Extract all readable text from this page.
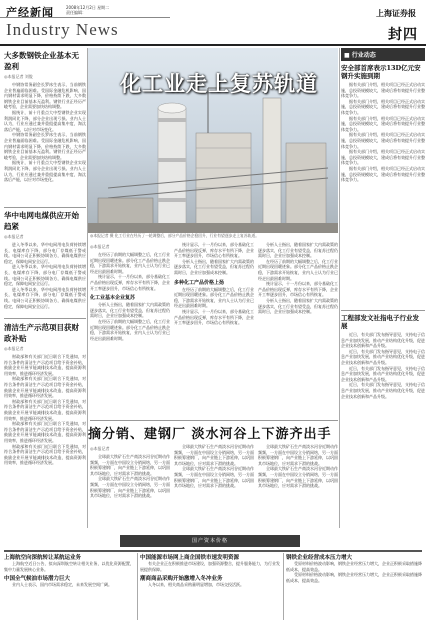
产经新闻	2008年12月2日 星期二
责任编辑：
Industry News
上海证券报
封四
大多数钢铁企业基本无盈利
◎本报记者 刘俊

中钢协常务副会长罗冰生表示，当前钢铁企业普遍面临困难。受国际金融危机影响，国内钢材需求明显下降，价格持续下跌，大多数钢铁企业目前基本无盈利。钢铁行业正经历严峻考验，企业需要加快结构调整。

据统计，前十月重点大中型钢铁企业实现利润同比下降，部分企业出现亏损。业内人士认为，行业应通过兼并重组提高集中度，淘汰落后产能，以应对市场变化。

中钢协常务副会长罗冰生表示，当前钢铁企业普遍面临困难。受国际金融危机影响，国内钢材需求明显下降，价格持续下跌，大多数钢铁企业目前基本无盈利。钢铁行业正经历严峻考验，企业需要加快结构调整。

据统计，前十月重点大中型钢铁企业实现利润同比下降，部分企业出现亏损。业内人士认为，行业应通过兼并重组提高集中度，淘汰落后产能，以应对市场变化。

华中电网电煤供应开始趋紧
◎本报记者

进入冬季以来，华中电网用电负荷持续增长，电煤库存下降，部分电厂存煤低于警戒线。电网公司正积极协调各方，确保电煤供应稳定，保障电网安全运行。

进入冬季以来，华中电网用电负荷持续增长，电煤库存下降，部分电厂存煤低于警戒线。电网公司正积极协调各方，确保电煤供应稳定，保障电网安全运行。

进入冬季以来，华中电网用电负荷持续增长，电煤库存下降，部分电厂存煤低于警戒线。电网公司正积极协调各方，确保电煤供应稳定，保障电网安全运行。

清洁生产示范项目获财政补贴
◎本报记者

财政部和有关部门近日联合下发通知，对符合条件的清洁生产示范项目给予资金补贴，鼓励企业开展节能减排技术改造，提高资源利用效率，推进循环经济发展。

财政部和有关部门近日联合下发通知，对符合条件的清洁生产示范项目给予资金补贴，鼓励企业开展节能减排技术改造，提高资源利用效率，推进循环经济发展。

财政部和有关部门近日联合下发通知，对符合条件的清洁生产示范项目给予资金补贴，鼓励企业开展节能减排技术改造，提高资源利用效率，推进循环经济发展。

财政部和有关部门近日联合下发通知，对符合条件的清洁生产示范项目给予资金补贴，鼓励企业开展节能减排技术改造，提高资源利用效率，推进循环经济发展。

财政部和有关部门近日联合下发通知，对符合条件的清洁生产示范项目给予资金补贴，鼓励企业开展节能减排技术改造，提高资源利用效率，推进循环经济发展。

化工业走上复苏轨道
◎本报记者 摄 化工行业在经历了一轮调整后，部分产品价格企稳回升，行业有望逐步走上复苏轨道。
◎本报记者

在经历了前期的大幅调整之后，化工行业近期出现回暖迹象。部分化工产品价格止跌企稳，下游需求开始恢复，业内人士认为行业已经走出最困难时期。

统计显示，十一月份以来，部分基础化工产品价格出现反弹，库存水平有所下降，企业开工率逐步回升，市场信心有所恢复。

化工业基本企业复苏

分析人士指出，随着国家扩大内需政策的逐步落实，化工行业有望受益，但复苏过程仍需时日，企业应加强成本控制。

在经历了前期的大幅调整之后，化工行业近期出现回暖迹象。部分化工产品价格止跌企稳，下游需求开始恢复，业内人士认为行业已经走出最困难时期。

统计显示，十一月份以来，部分基础化工产品价格出现反弹，库存水平有所下降，企业开工率逐步回升，市场信心有所恢复。

分析人士指出，随着国家扩大内需政策的逐步落实，化工行业有望受益，但复苏过程仍需时日，企业应加强成本控制。

多种化工产品价格上扬

在经历了前期的大幅调整之后，化工行业近期出现回暖迹象。部分化工产品价格止跌企稳，下游需求开始恢复，业内人士认为行业已经走出最困难时期。

统计显示，十一月份以来，部分基础化工产品价格出现反弹，库存水平有所下降，企业开工率逐步回升，市场信心有所恢复。

分析人士指出，随着国家扩大内需政策的逐步落实，化工行业有望受益，但复苏过程仍需时日，企业应加强成本控制。

在经历了前期的大幅调整之后，化工行业近期出现回暖迹象。部分化工产品价格止跌企稳，下游需求开始恢复，业内人士认为行业已经走出最困难时期。

统计显示，十一月份以来，部分基础化工产品价格出现反弹，库存水平有所下降，企业开工率逐步回升，市场信心有所恢复。

分析人士指出，随着国家扩大内需政策的逐步落实，化工行业有望受益，但复苏过程仍需时日，企业应加强成本控制。

摘分销、建钢厂 淡水河谷上下游齐出手
◎本报记者

全球最大铁矿石生产商淡水河谷近期动作频频，一方面在中国设立分销网络，另一方面积极筹建钢厂，向产业链上下游延伸，以巩固其市场地位，应对需求下滑的挑战。

全球最大铁矿石生产商淡水河谷近期动作频频，一方面在中国设立分销网络，另一方面积极筹建钢厂，向产业链上下游延伸，以巩固其市场地位，应对需求下滑的挑战。

全球最大铁矿石生产商淡水河谷近期动作频频，一方面在中国设立分销网络，另一方面积极筹建钢厂，向产业链上下游延伸，以巩固其市场地位，应对需求下滑的挑战。

全球最大铁矿石生产商淡水河谷近期动作频频，一方面在中国设立分销网络，另一方面积极筹建钢厂，向产业链上下游延伸，以巩固其市场地位，应对需求下滑的挑战。

全球最大铁矿石生产商淡水河谷近期动作频频，一方面在中国设立分销网络，另一方面积极筹建钢厂，向产业链上下游延伸，以巩固其市场地位，应对需求下滑的挑战。

全球最大铁矿石生产商淡水河谷近期动作频频，一方面在中国设立分销网络，另一方面积极筹建钢厂，向产业链上下游延伸，以巩固其市场地位，应对需求下滑的挑战。

■ 行业动态
安全部首席表示13D亿元安钢升实施到期

据有关部门介绍，相关项目已经正式启动实施，总投资规模较大，建成后将有效提升行业整体竞争力。

据有关部门介绍，相关项目已经正式启动实施，总投资规模较大，建成后将有效提升行业整体竞争力。

据有关部门介绍，相关项目已经正式启动实施，总投资规模较大，建成后将有效提升行业整体竞争力。

据有关部门介绍，相关项目已经正式启动实施，总投资规模较大，建成后将有效提升行业整体竞争力。

据有关部门介绍，相关项目已经正式启动实施，总投资规模较大，建成后将有效提升行业整体竞争力。

据有关部门介绍，相关项目已经正式启动实施，总投资规模较大，建成后将有效提升行业整体竞争力。

工程部发文社指电子行业发展

近日，有关部门发布指导意见，支持电子信息产业加快发展，推动产业结构优化升级，促进企业技术创新和产品升级。

近日，有关部门发布指导意见，支持电子信息产业加快发展，推动产业结构优化升级，促进企业技术创新和产品升级。

近日，有关部门发布指导意见，支持电子信息产业加快发展，推动产业结构优化升级，促进企业技术创新和产品升级。

近日，有关部门发布指导意见，支持电子信息产业加快发展，推动产业结构优化升级，促进企业技术创新和产品升级。

国产资本价格
上海航空向深航转让某航运业务

上海航空近日公告，拟向深圳航空转让相关业务，以优化资源配置，集中力量发展核心业务。

中国全气候油市场潜力巨大

业内人士表示，国内市场需求稳定，未来发展空间广阔。

中国能源市场网上商企国铁市速发明资源

有关企业正在积极推进市场建设，加强资源整合，提升服务能力，为行业发展提供保障。

潮商商品采购开始激增入冬冲业务

入冬以来，相关商品采购量明显增加，市场交投活跃。

钢铁企业经营成本压力增大

受原材料价格波动影响，钢铁企业经营压力增大，企业正积极采取措施降低成本，提高效益。

受原材料价格波动影响，钢铁企业经营压力增大，企业正积极采取措施降低成本，提高效益。
